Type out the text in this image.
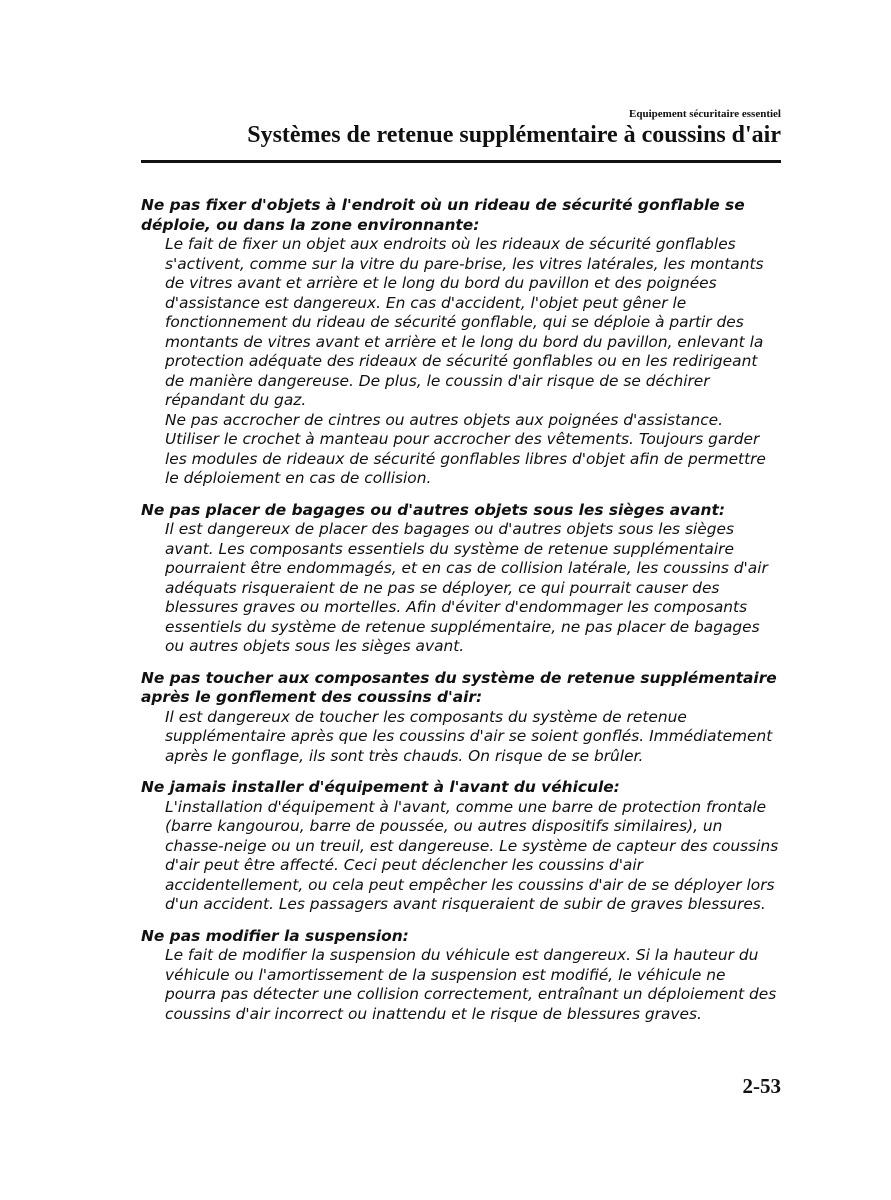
Equipement sécuritaire essentiel
Systèmes de retenue supplémentaire à coussins d'air

Ne pas fixer d'objets à l'endroit où un rideau de sécurité gonflable se déploie, ou dans la zone environnante:

Le fait de fixer un objet aux endroits où les rideaux de sécurité gonflables s'activent, comme sur la vitre du pare-brise, les vitres latérales, les montants de vitres avant et arrière et le long du bord du pavillon et des poignées d'assistance est dangereux. En cas d'accident, l'objet peut gêner le fonctionnement du rideau de sécurité gonflable, qui se déploie à partir des montants de vitres avant et arrière et le long du bord du pavillon, enlevant la protection adéquate des rideaux de sécurité gonflables ou en les redirigeant de manière dangereuse. De plus, le coussin d'air risque de se déchirer répandant du gaz.

Ne pas accrocher de cintres ou autres objets aux poignées d'assistance. Utiliser le crochet à manteau pour accrocher des vêtements. Toujours garder les modules de rideaux de sécurité gonflables libres d'objet afin de permettre le déploiement en cas de collision.

Ne pas placer de bagages ou d'autres objets sous les sièges avant:

Il est dangereux de placer des bagages ou d'autres objets sous les sièges avant. Les composants essentiels du système de retenue supplémentaire pourraient être endommagés, et en cas de collision latérale, les coussins d'air adéquats risqueraient de ne pas se déployer, ce qui pourrait causer des blessures graves ou mortelles. Afin d'éviter d'endommager les composants essentiels du système de retenue supplémentaire, ne pas placer de bagages ou autres objets sous les sièges avant.

Ne pas toucher aux composantes du système de retenue supplémentaire après le gonflement des coussins d'air:

Il est dangereux de toucher les composants du système de retenue supplémentaire après que les coussins d'air se soient gonflés. Immédiatement après le gonflage, ils sont très chauds. On risque de se brûler.

Ne jamais installer d'équipement à l'avant du véhicule:

L'installation d'équipement à l'avant, comme une barre de protection frontale (barre kangourou, barre de poussée, ou autres dispositifs similaires), un chasse-neige ou un treuil, est dangereuse. Le système de capteur des coussins d'air peut être affecté. Ceci peut déclencher les coussins d'air accidentellement, ou cela peut empêcher les coussins d'air de se déployer lors d'un accident. Les passagers avant risqueraient de subir de graves blessures.

Ne pas modifier la suspension:

Le fait de modifier la suspension du véhicule est dangereux. Si la hauteur du véhicule ou l'amortissement de la suspension est modifié, le véhicule ne pourra pas détecter une collision correctement, entraînant un déploiement des coussins d'air incorrect ou inattendu et le risque de blessures graves.

2-53
